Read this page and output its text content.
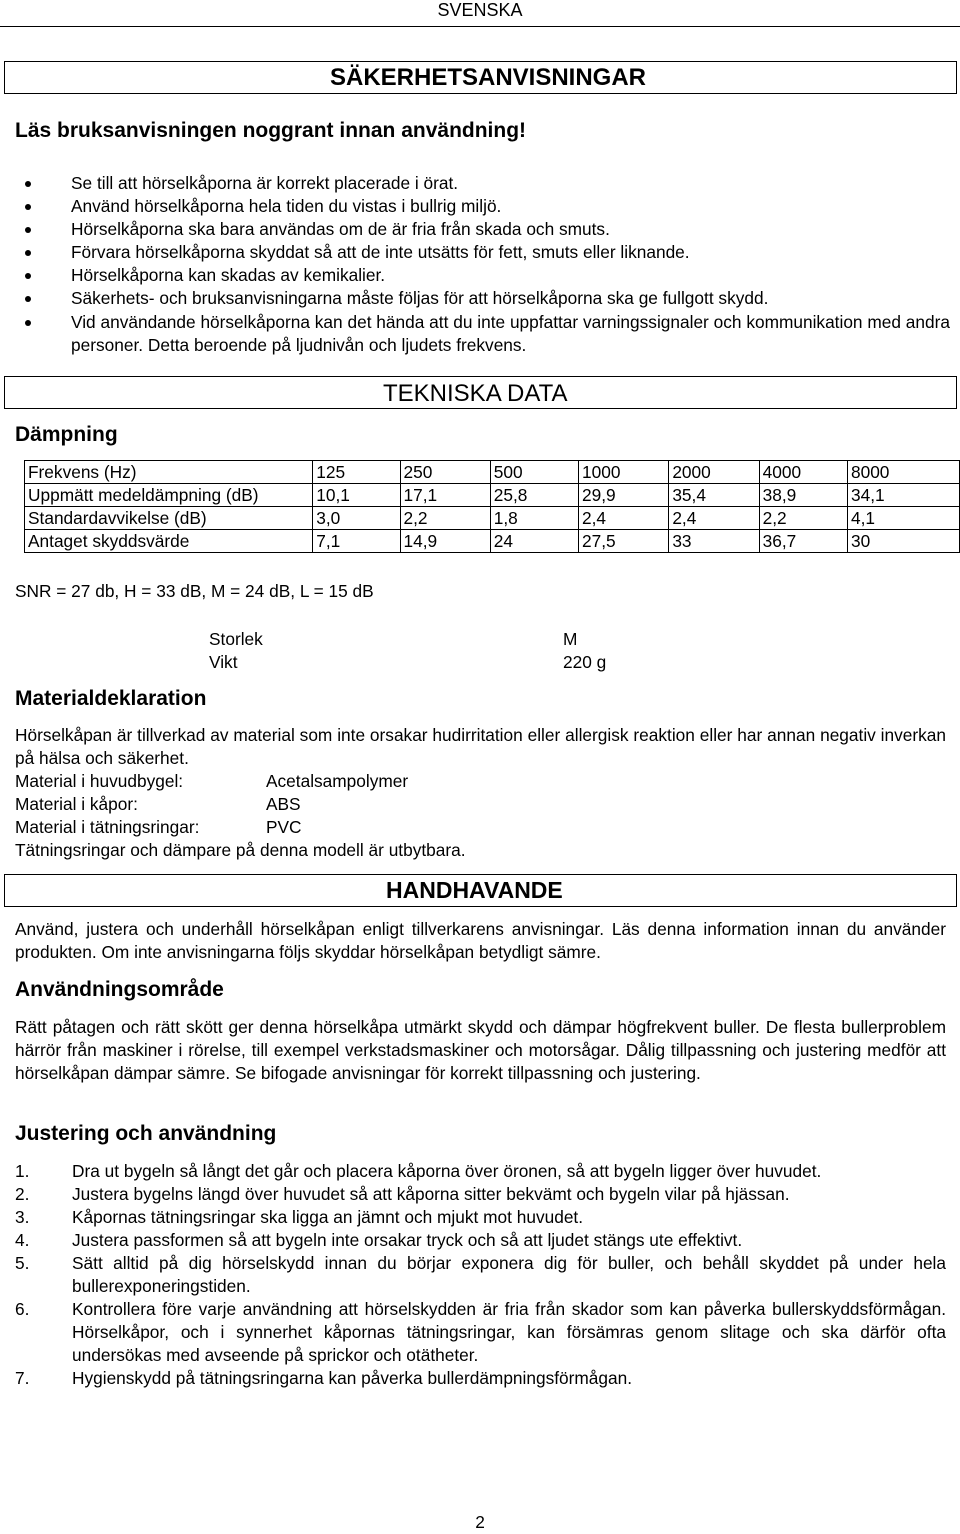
SVENSKA
SÄKERHETSANVISNINGAR
Läs bruksanvisningen noggrant innan användning!
Se till att hörselkåporna är korrekt placerade i örat.
Använd hörselkåporna hela tiden du vistas i bullrig miljö.
Hörselkåporna ska bara användas om de är fria från skada och smuts.
Förvara hörselkåporna skyddat så att de inte utsätts för fett, smuts eller liknande.
Hörselkåporna kan skadas av kemikalier.
Säkerhets- och bruksanvisningarna måste följas för att hörselkåporna ska ge fullgott skydd.
Vid användande hörselkåporna kan det hända att du inte uppfattar varningssignaler och kommunikation med andra personer. Detta beroende på ljudnivån och ljudets frekvens.
TEKNISKA DATA
Dämpning
Frekvens (Hz)	125	250	500	1000	2000	4000	8000
Uppmätt medeldämpning (dB)	10,1	17,1	25,8	29,9	35,4	38,9	34,1
Standardavvikelse (dB)	3,0	2,2	1,8	2,4	2,4	2,2	4,1
Antaget skyddsvärde	7,1	14,9	24	27,5	33	36,7	30
SNR = 27 db, H = 33 dB, M = 24 dB, L = 15 dB
Storlek	M
Vikt	220 g
Materialdeklaration
Hörselkåpan är tillverkad av material som inte orsakar hudirritation eller allergisk reaktion eller har annan negativ inverkan på hälsa och säkerhet.
Material i huvudbygel:	Acetalsampolymer
Material i kåpor:	ABS
Material i tätningsringar:	PVC
Tätningsringar och dämpare på denna modell är utbytbara.
HANDHAVANDE
Använd, justera och underhåll hörselkåpan enligt tillverkarens anvisningar. Läs denna information innan du använder produkten. Om inte anvisningarna följs skyddar hörselkåpan betydligt sämre.
Användningsområde
Rätt påtagen och rätt skött ger denna hörselkåpa utmärkt skydd och dämpar högfrekvent buller. De flesta bullerproblem härrör från maskiner i rörelse, till exempel verkstadsmaskiner och motorsågar. Dålig tillpassning och justering medför att hörselkåpan dämpar sämre. Se bifogade anvisningar för korrekt tillpassning och justering.
Justering och användning
1. Dra ut bygeln så långt det går och placera kåporna över öronen, så att bygeln ligger över huvudet.
2. Justera bygelns längd över huvudet så att kåporna sitter bekvämt och bygeln vilar på hjässan.
3. Kåpornas tätningsringar ska ligga an jämnt och mjukt mot huvudet.
4. Justera passformen så att bygeln inte orsakar tryck och så att ljudet stängs ute effektivt.
5. Sätt alltid på dig hörselskydd innan du börjar exponera dig för buller, och behåll skyddet på under hela bullerexponeringstiden.
6. Kontrollera före varje användning att hörselskydden är fria från skador som kan påverka bullerskyddsförmågan. Hörselkåpor, och i synnerhet kåpornas tätningsringar, kan försämras genom slitage och ska därför ofta undersökas med avseende på sprickor och otätheter.
7. Hygienskydd på tätningsringarna kan påverka bullerdämpningsförmågan.
2
